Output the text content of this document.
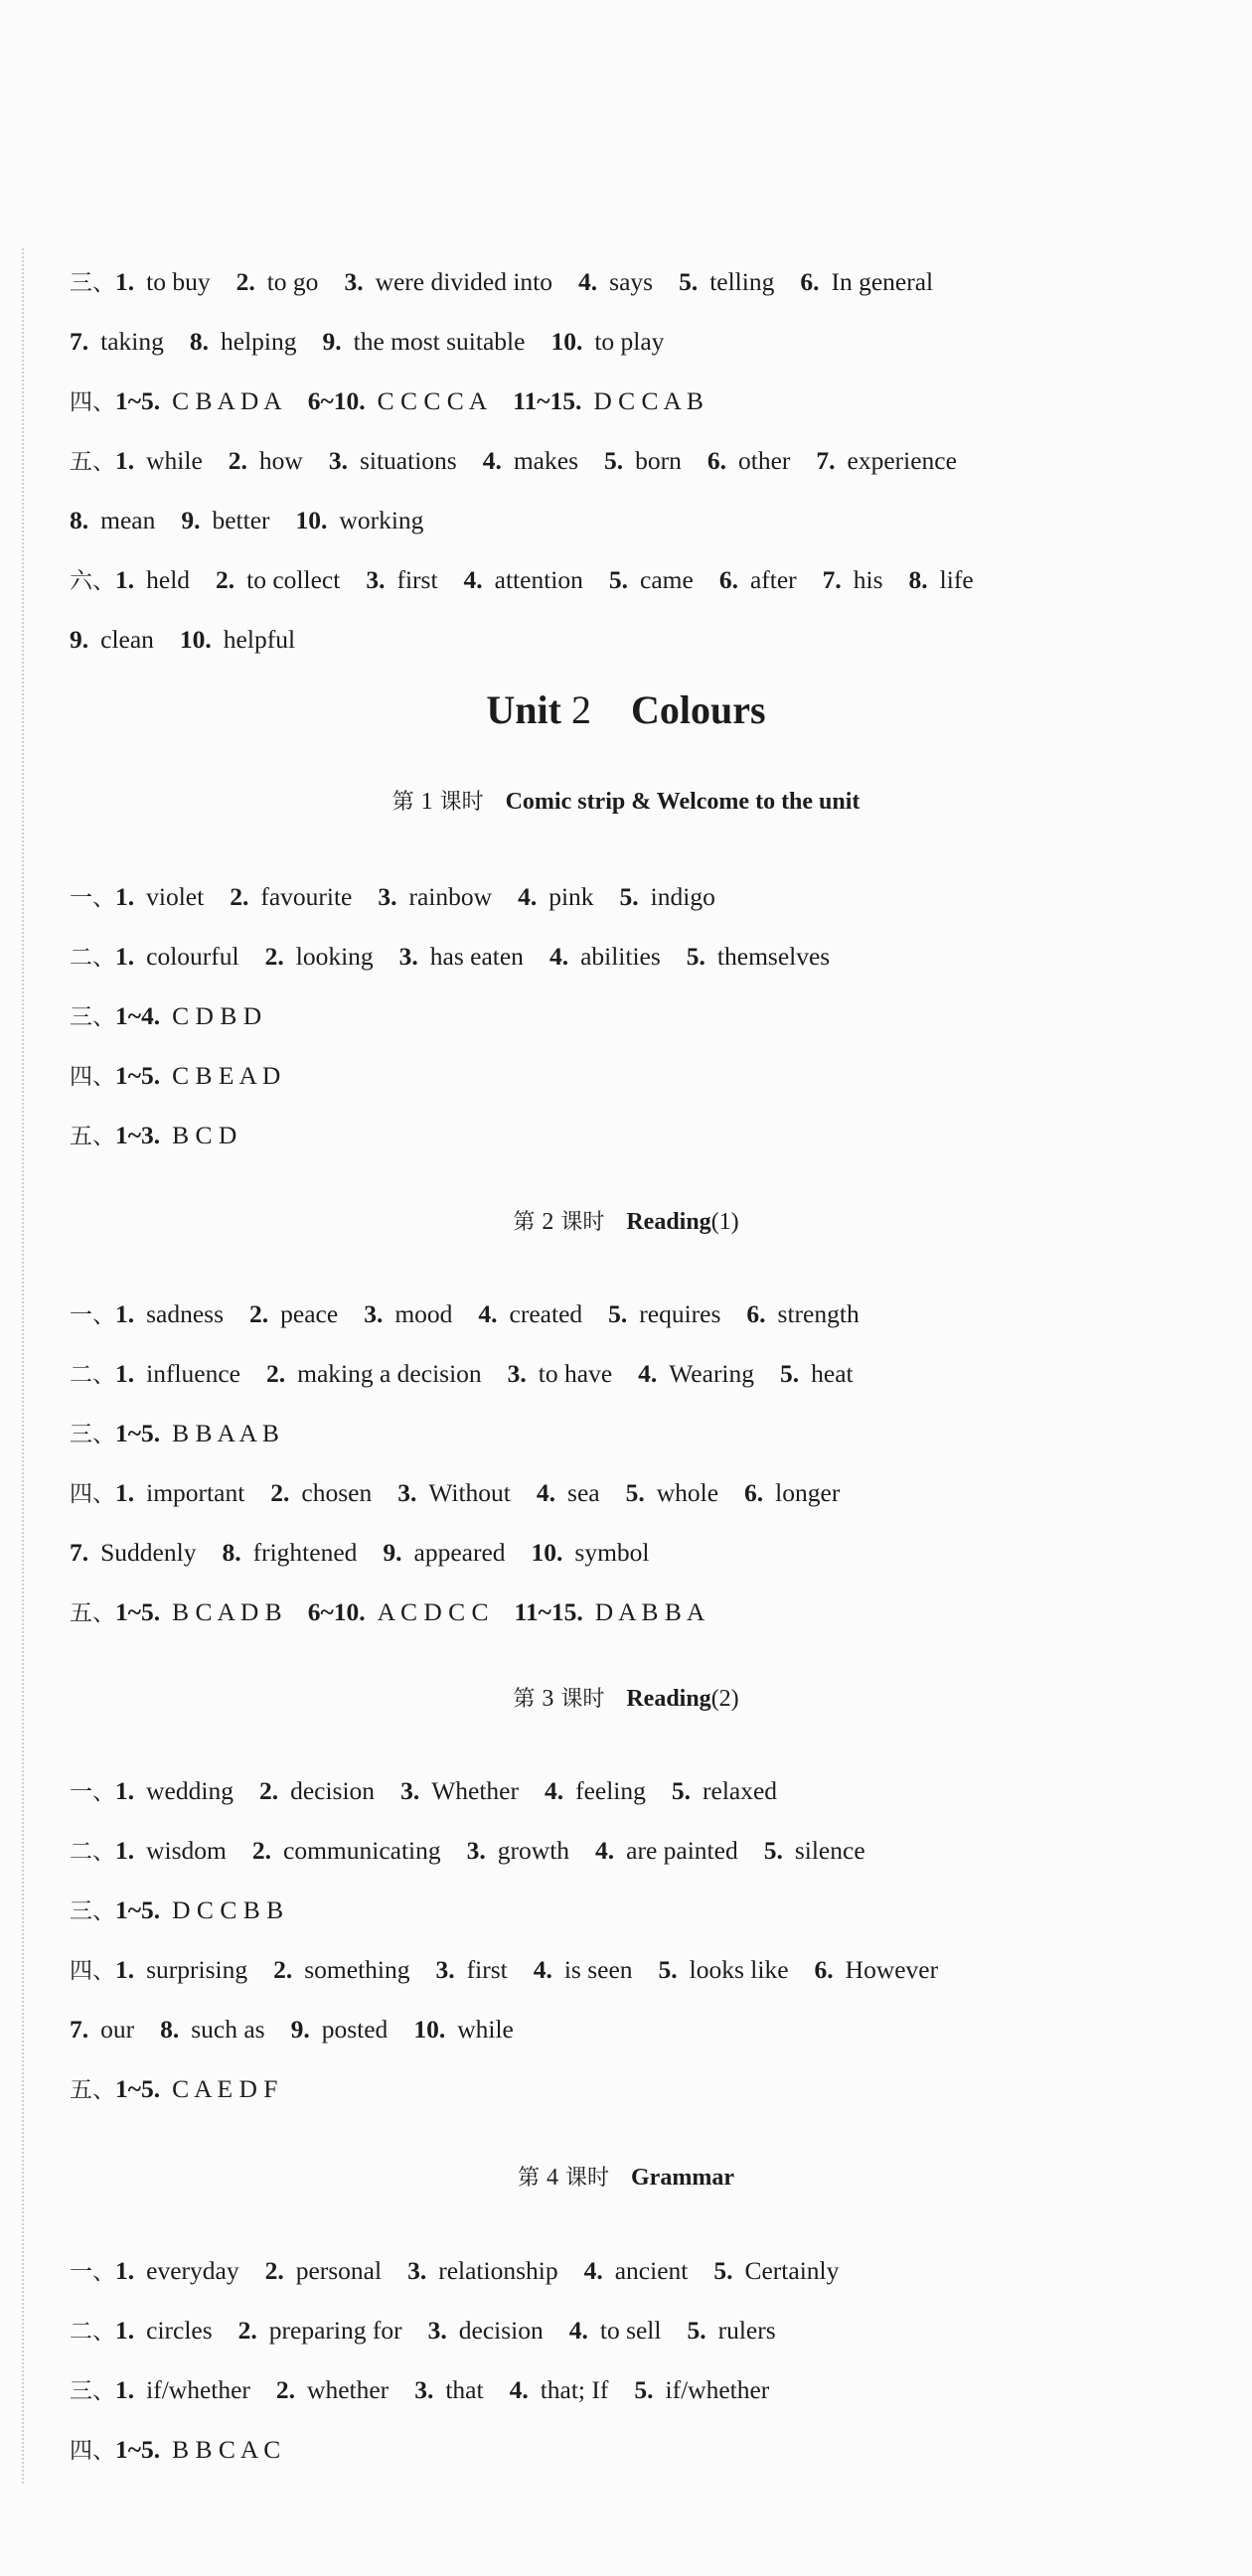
三、1. to buy 2. to go 3. were divided into 4. says 5. telling 6. In general
7. taking 8. helping 9. the most suitable 10. to play
四、1~5. C B A D A 6~10. C C C C A 11~15. D C C A B
五、1. while 2. how 3. situations 4. makes 5. born 6. other 7. experience
8. mean 9. better 10. working
六、1. held 2. to collect 3. first 4. attention 5. came 6. after 7. his 8. life
9. clean 10. helpful
Unit 2 Colours
第 1 课时 Comic strip & Welcome to the unit
一、1. violet 2. favourite 3. rainbow 4. pink 5. indigo
二、1. colourful 2. looking 3. has eaten 4. abilities 5. themselves
三、1~4. C D B D
四、1~5. C B E A D
五、1~3. B C D
第 2 课时 Reading(1)
一、1. sadness 2. peace 3. mood 4. created 5. requires 6. strength
二、1. influence 2. making a decision 3. to have 4. Wearing 5. heat
三、1~5. B B A A B
四、1. important 2. chosen 3. Without 4. sea 5. whole 6. longer
7. Suddenly 8. frightened 9. appeared 10. symbol
五、1~5. B C A D B 6~10. A C D C C 11~15. D A B B A
第 3 课时 Reading(2)
一、1. wedding 2. decision 3. Whether 4. feeling 5. relaxed
二、1. wisdom 2. communicating 3. growth 4. are painted 5. silence
三、1~5. D C C B B
四、1. surprising 2. something 3. first 4. is seen 5. looks like 6. However
7. our 8. such as 9. posted 10. while
五、1~5. C A E D F
第 4 课时 Grammar
一、1. everyday 2. personal 3. relationship 4. ancient 5. Certainly
二、1. circles 2. preparing for 3. decision 4. to sell 5. rulers
三、1. if/whether 2. whether 3. that 4. that; If 5. if/whether
四、1~5. B B C A C
